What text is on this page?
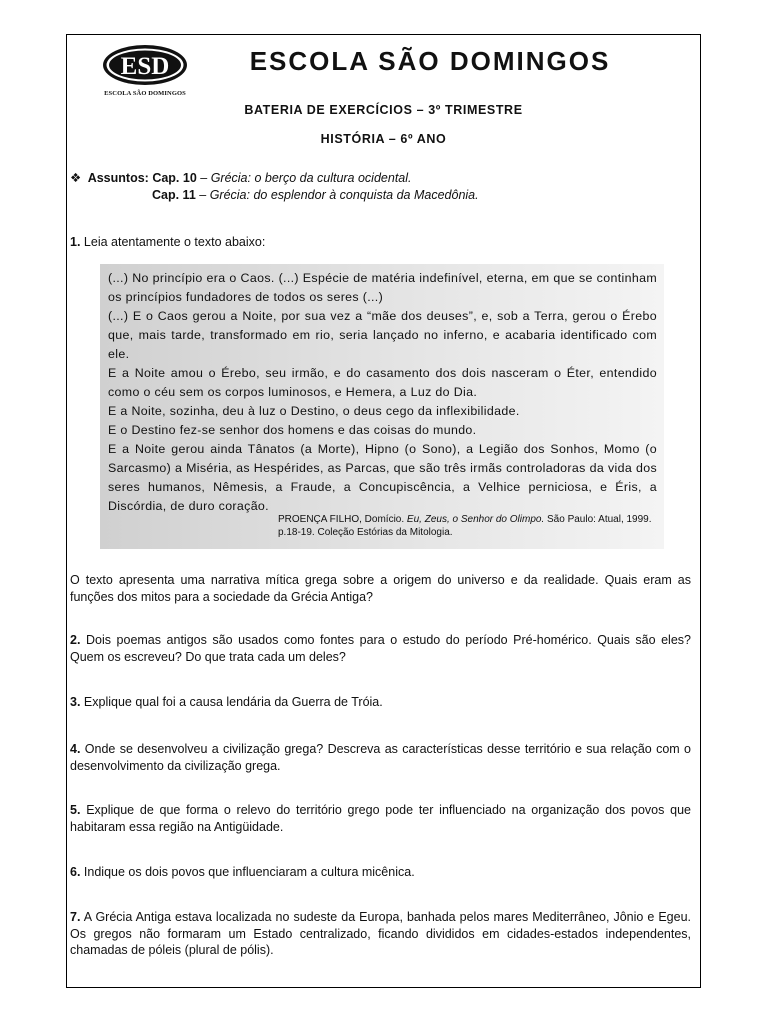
ESD
ESCOLA SÃO DOMINGOS
ESCOLA SÃO DOMINGOS
BATERIA DE EXERCÍCIOS – 3º TRIMESTRE
HISTÓRIA – 6º ANO
❖ Assuntos: Cap. 10 – Grécia: o berço da cultura ocidental.
Cap. 11 – Grécia: do esplendor à conquista da Macedônia.
1. Leia atentamente o texto abaixo:

(...) No princípio era o Caos. (...) Espécie de matéria indefinível, eterna, em que se continham os princípios fundadores de todos os seres (...)

(...) E o Caos gerou a Noite, por sua vez a “mãe dos deuses”, e, sob a Terra, gerou o Érebo que, mais tarde, transformado em rio, seria lançado no inferno, e acabaria identificado com ele.

E a Noite amou o Érebo, seu irmão, e do casamento dos dois nasceram o Éter, entendido como o céu sem os corpos luminosos, e Hemera, a Luz do Dia.

E a Noite, sozinha, deu à luz o Destino, o deus cego da inflexibilidade.

E o Destino fez-se senhor dos homens e das coisas do mundo.

E a Noite gerou ainda Tânatos (a Morte), Hipno (o Sono), a Legião dos Sonhos, Momo (o Sarcasmo) a Miséria, as Hespérides, as Parcas, que são três irmãs controladoras da vida dos seres humanos, Nêmesis, a Fraude, a Concupiscência, a Velhice perniciosa, e Éris, a Discórdia, de duro coração.

PROENÇA FILHO, Domício. Eu, Zeus, o Senhor do Olimpo. São Paulo: Atual, 1999. p.18-19. Coleção Estórias da Mitologia.
O texto apresenta uma narrativa mítica grega sobre a origem do universo e da realidade. Quais eram as funções dos mitos para a sociedade da Grécia Antiga?
2. Dois poemas antigos são usados como fontes para o estudo do período Pré-homérico. Quais são eles? Quem os escreveu? Do que trata cada um deles?
3. Explique qual foi a causa lendária da Guerra de Tróia.
4. Onde se desenvolveu a civilização grega? Descreva as características desse território e sua relação com o desenvolvimento da civilização grega.
5. Explique de que forma o relevo do território grego pode ter influenciado na organização dos povos que habitaram essa região na Antigüidade.
6. Indique os dois povos que influenciaram a cultura micênica.
7. A Grécia Antiga estava localizada no sudeste da Europa, banhada pelos mares Mediterrâneo, Jônio e Egeu. Os gregos não formaram um Estado centralizado, ficando divididos em cidades-estados independentes, chamadas de póleis (plural de pólis).
